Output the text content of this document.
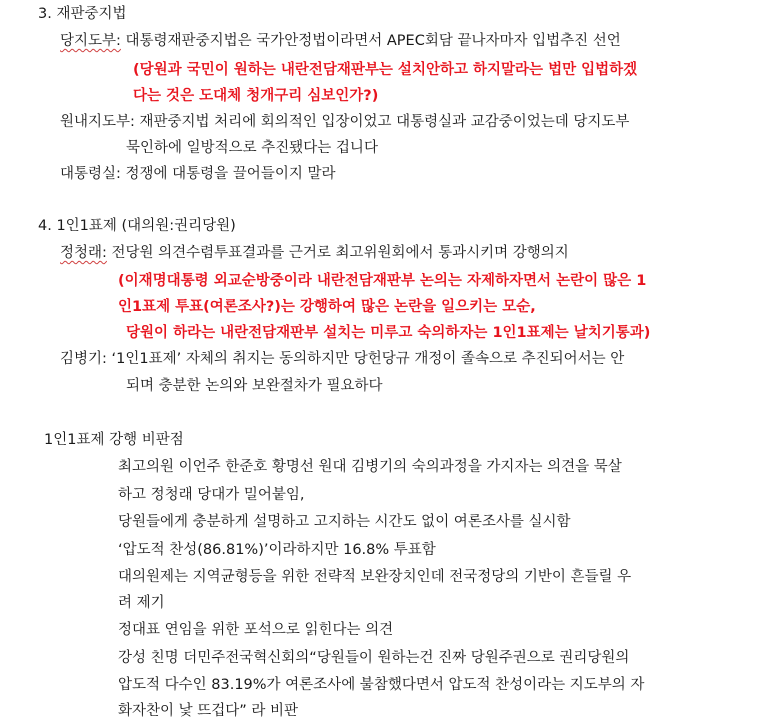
3. 재판중지법
당지도부: 대통령재판중지법은 국가안정법이라면서 APEC회담 끝나자마자 입법추진 선언
(당원과 국민이 원하는 내란전담재판부는 설치안하고 하지말라는 법만 입법하겠
다는 것은 도대체 청개구리 심보인가?)
원내지도부: 재판중지법 처리에 회의적인 입장이었고 대통령실과 교감중이었는데 당지도부
묵인하에 일방적으로 추진됐다는 겁니다
대통령실: 정쟁에 대통령을 끌어들이지 말라
4. 1인1표제 (대의원:권리당원)
정청래: 전당원 의견수렴투표결과를 근거로 최고위원회에서 통과시키며 강행의지
(이재명대통령 외교순방중이라 내란전담재판부 논의는 자제하자면서 논란이 많은 1
인1표제 투표(여론조사?)는 강행하여 많은 논란을 일으키는 모순,
당원이 하라는 내란전담재판부 설치는 미루고 숙의하자는 1인1표제는 날치기통과)
김병기: ‘1인1표제’ 자체의 취지는 동의하지만 당헌당규 개정이 졸속으로 추진되어서는 안
되며 충분한 논의와 보완절차가 필요하다
1인1표제 강행 비판점
최고의원 이언주 한준호 황명선 원대 김병기의 숙의과정을 가지자는 의견을 묵살
하고 정청래 당대가 밀어붙임,
당원들에게 충분하게 설명하고 고지하는 시간도 없이 여론조사를 실시함
‘압도적 찬성(86.81%)’이라하지만 16.8% 투표함
대의원제는 지역균형등을 위한 전략적 보완장치인데 전국정당의 기반이 흔들릴 우
려 제기
정대표 연임을 위한 포석으로 읽힌다는 의견
강성 친명 더민주전국혁신회의“당원들이 원하는건 진짜 당원주권으로 권리당원의
압도적 다수인 83.19%가 여론조사에 불참했다면서 압도적 찬성이라는 지도부의 자
화자찬이 낯 뜨겁다” 라 비판
